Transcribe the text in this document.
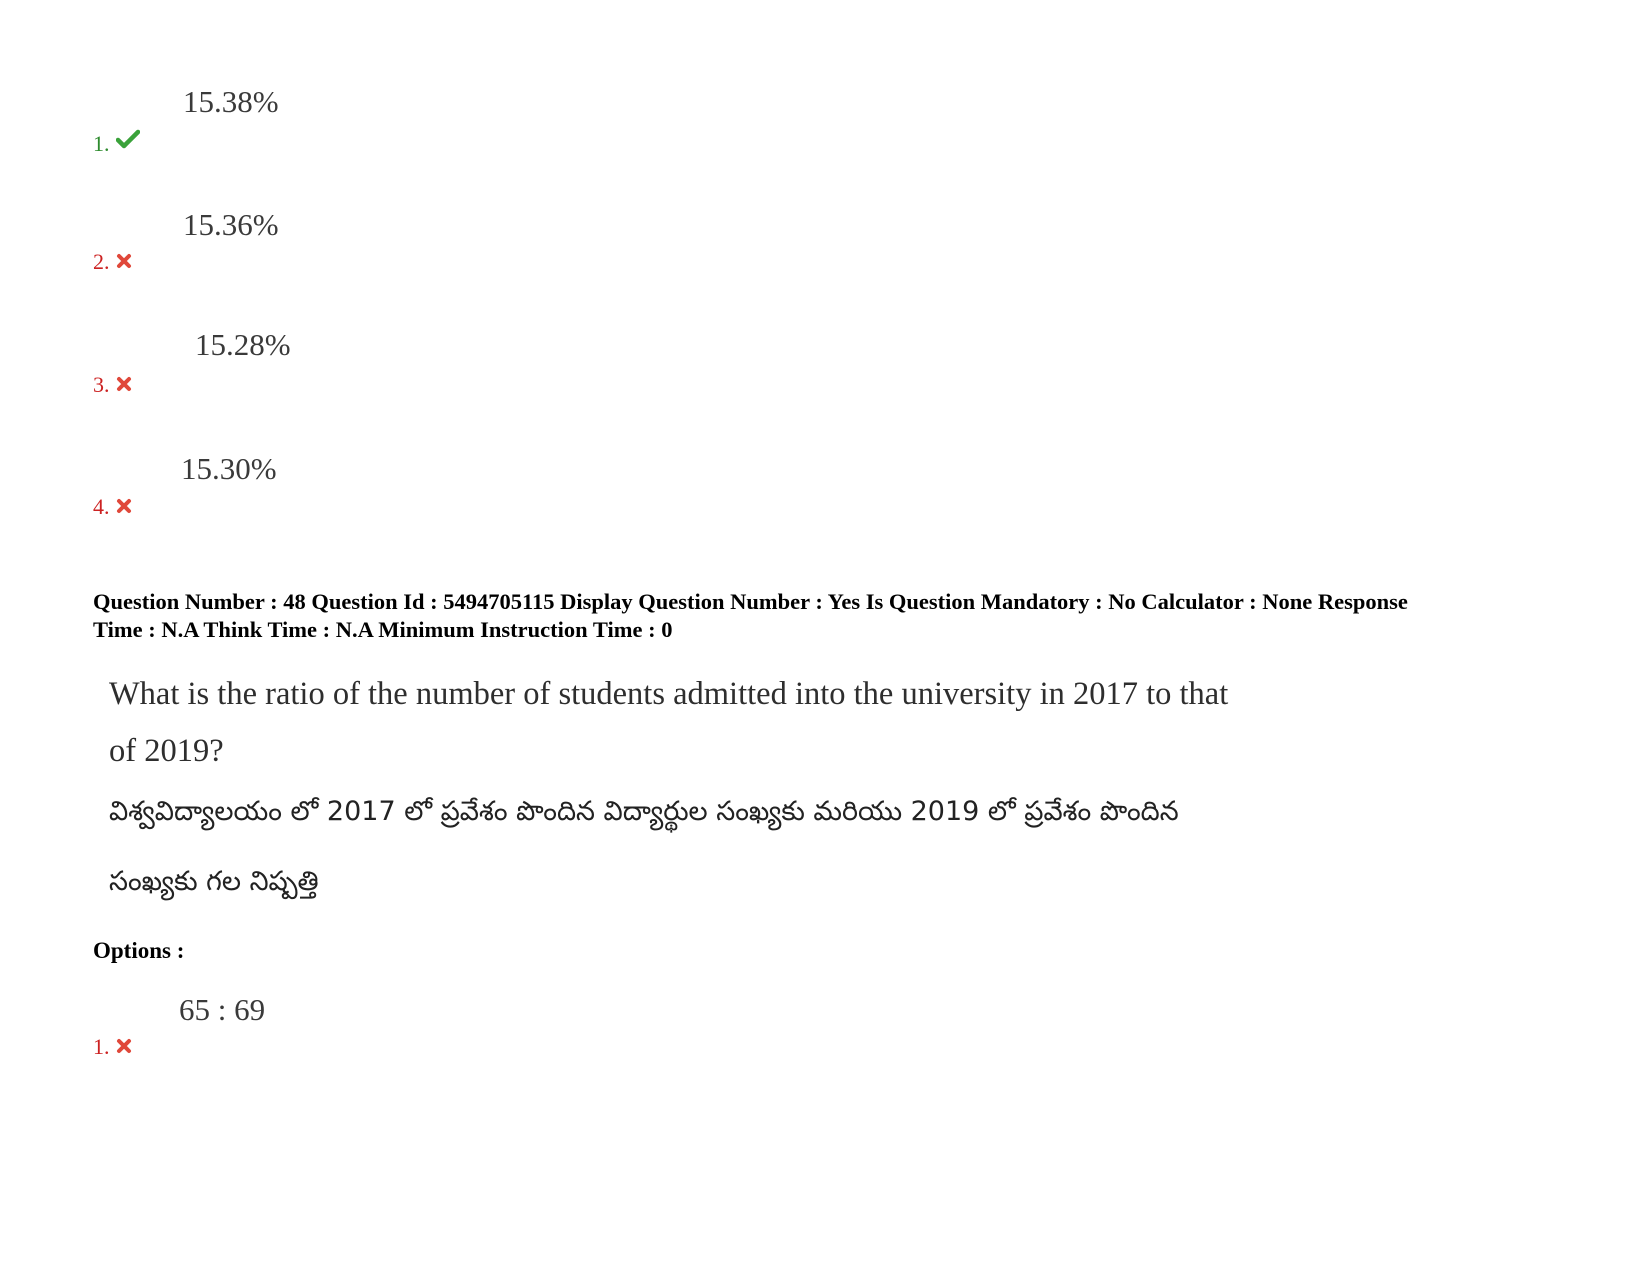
15.38%
1.
15.36%
2.
15.28%
3.
15.30%
4.
Question Number : 48 Question Id : 5494705115 Display Question Number : Yes Is Question Mandatory : No Calculator : None Response
Time : N.A Think Time : N.A Minimum Instruction Time : 0
What is the ratio of the number of students admitted into the university in 2017 to that
of 2019?
విశ్వవిద్యాలయం లో 2017 లో ప్రవేశం పొందిన విద్యార్థుల సంఖ్యకు మరియు 2019 లో ప్రవేశం పొందిన
సంఖ్యకు గల నిష్పత్తి
Options :
65 : 69
1.
